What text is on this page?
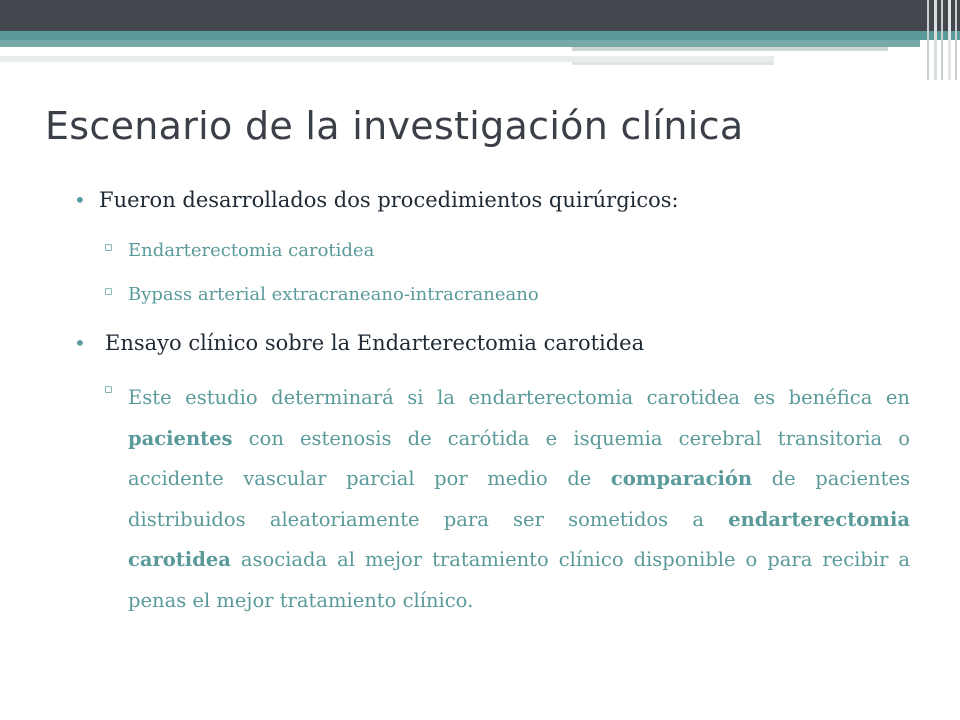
Escenario de la investigación clínica
• Fueron desarrollados dos procedimientos quirúrgicos:
▫ Endarterectomia carotidea
▫ Bypass arterial extracraneano-intracraneano
• Ensayo clínico sobre la Endarterectomia carotidea
▫ Este estudio determinará si la endarterectomia carotidea es benéfica en pacientes con estenosis de carótida e isquemia cerebral transitoria o accidente vascular parcial por medio de comparación de pacientes distribuidos aleatoriamente para ser sometidos a endarterectomia carotidea asociada al mejor tratamiento clínico disponible o para recibir a penas el mejor tratamiento clínico.
